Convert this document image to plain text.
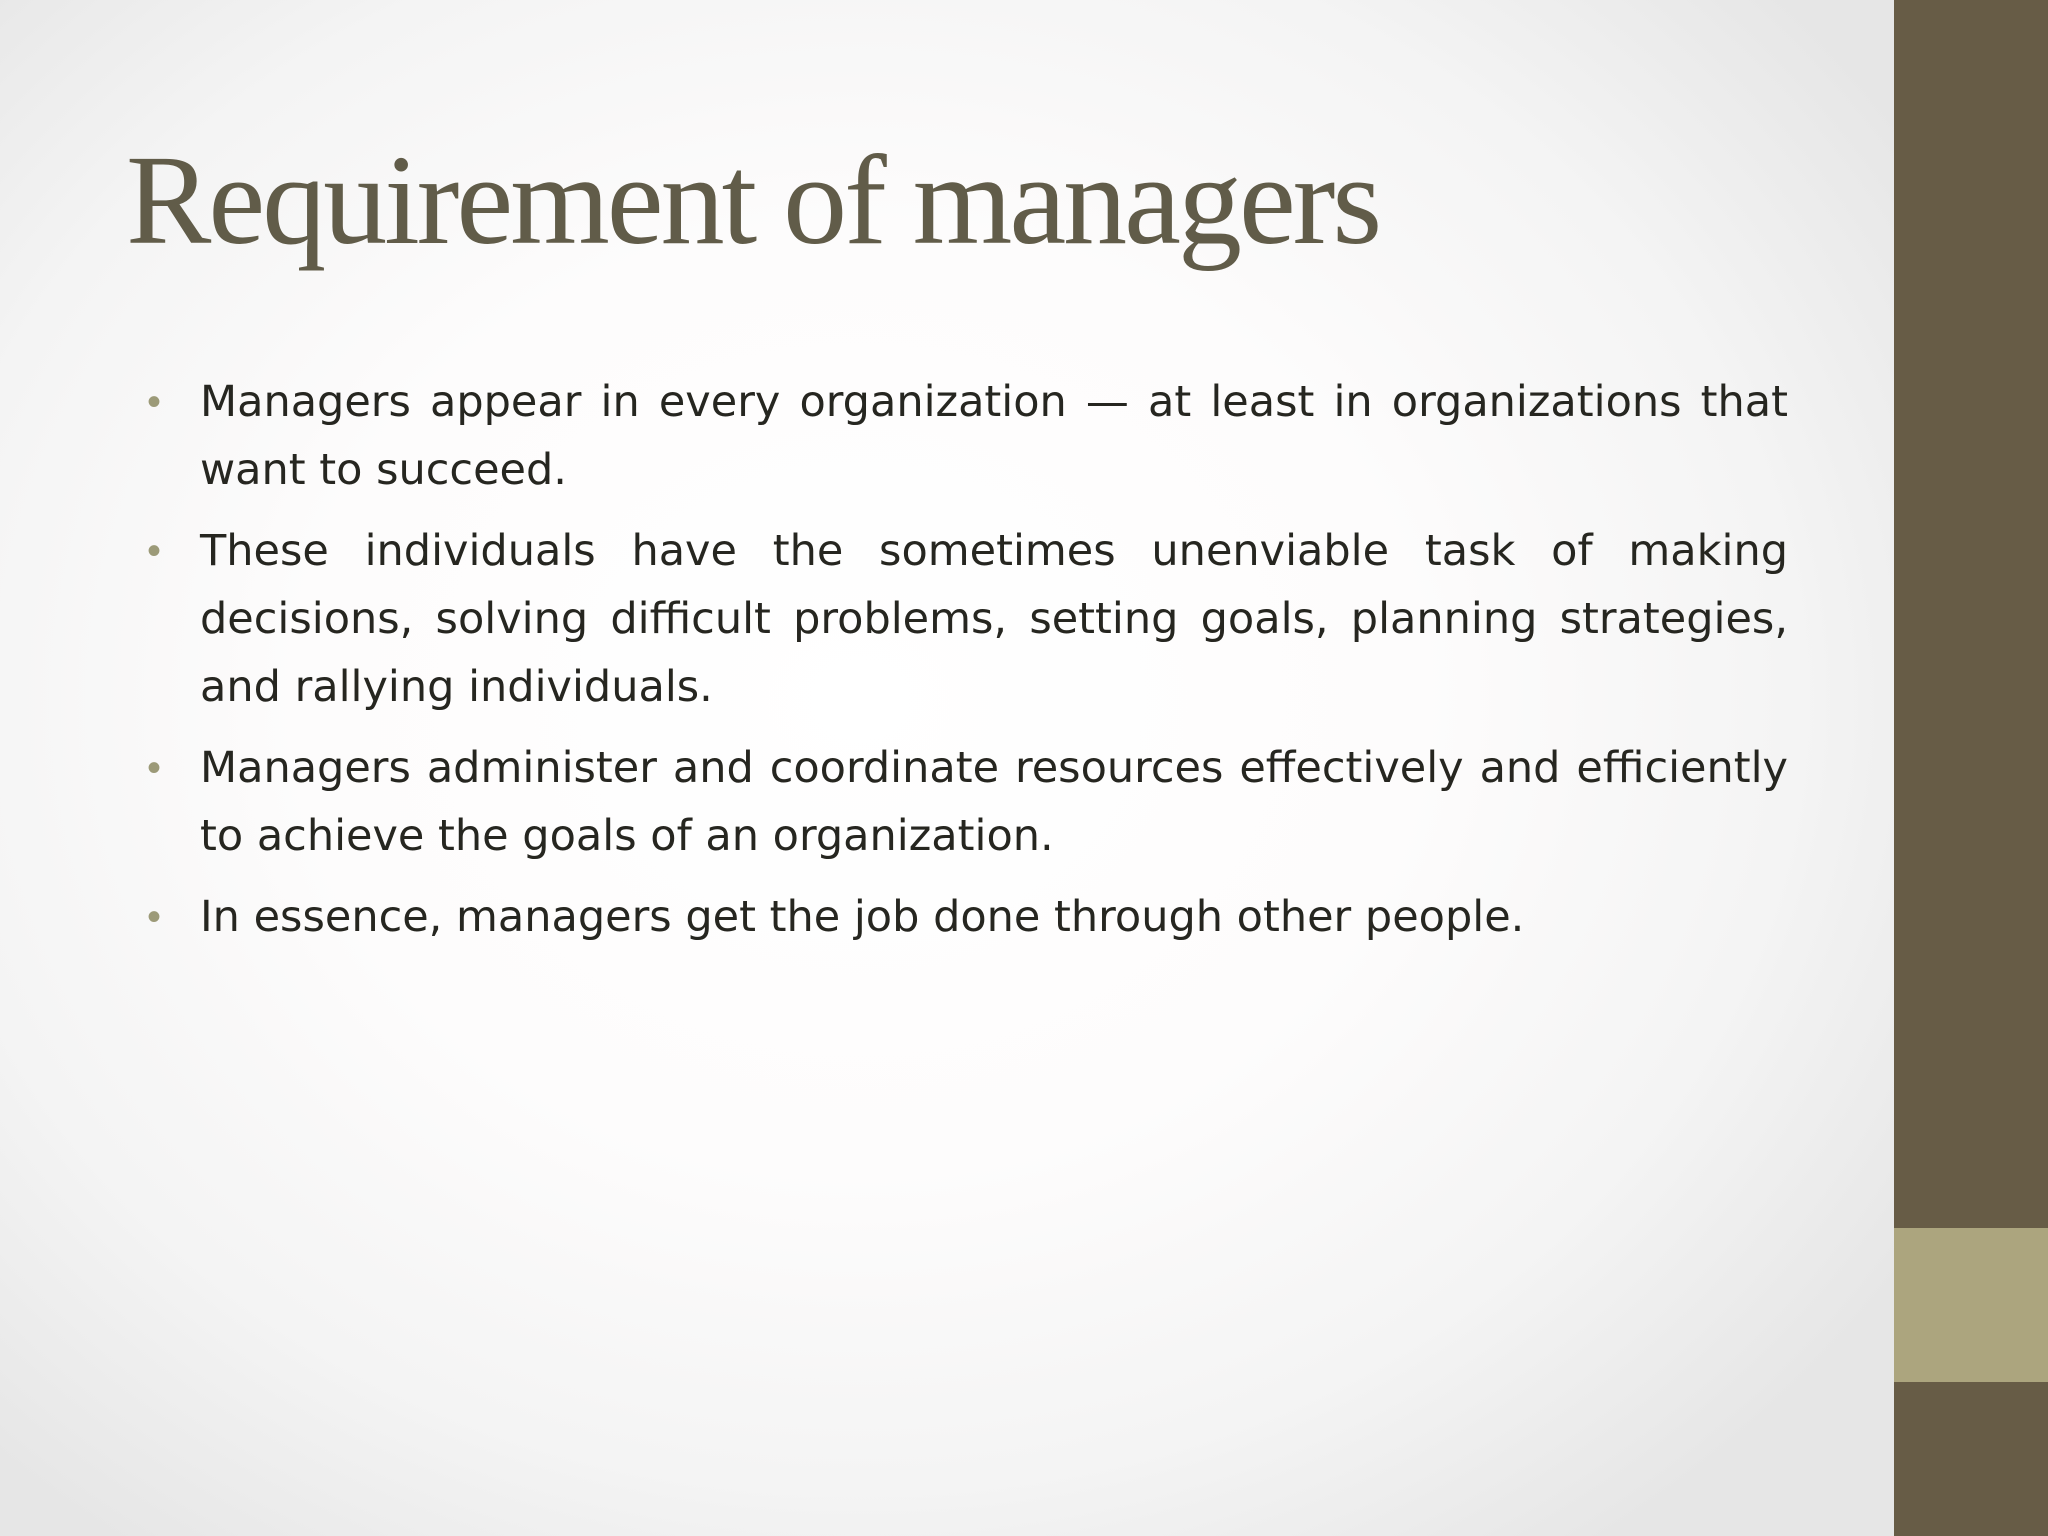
Requirement of managers
• Managers appear in every organization — at least in organizations that want to succeed.
• These individuals have the sometimes unenviable task of making decisions, solving difficult problems, setting goals, planning strategies, and rallying individuals.
• Managers administer and coordinate resources effectively and efficiently to achieve the goals of an organization.
• In essence, managers get the job done through other people.
